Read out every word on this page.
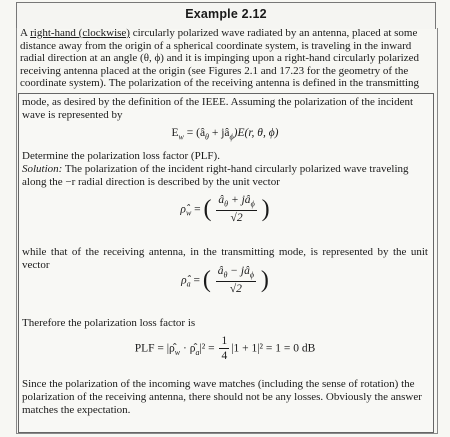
Example 2.12
A right-hand (clockwise) circularly polarized wave radiated by an antenna, placed at some
distance away from the origin of a spherical coordinate system, is traveling in the inward
radial direction at an angle (θ, ϕ) and it is impinging upon a right-hand circularly polarized
receiving antenna placed at the origin (see Figures 2.1 and 17.23 for the geometry of the
coordinate system). The polarization of the receiving antenna is defined in the transmitting
mode, as desired by the definition of the IEEE. Assuming the polarization of the incident
wave is represented by
$E_w$ = ($â_\theta$ + $jâ_\phi)E(r$, θ, ϕ)
Determine the polarization loss factor (PLF).
Solution: The polarization of the incident right-hand circularly polarized wave traveling
along the −r radial direction is described by the unit vector
$\rhô_w$ = ( $\frac{â_\theta + jâ_\phi}{√2}$ )
while that of the receiving antenna, in the transmitting mode, is represented by the unit vector
$\rhô_a$ = ( $\frac{â_\theta - jâ_\phi}{√2}$ )
Therefore the polarization loss factor is
PLF = $|\rhô_w$ · $\rhô_a|^2 = \frac{1}{4} |1 + 1|^2 = 1 = 0$ dB
Since the polarization of the incoming wave matches (including the sense of rotation) the
polarization of the receiving antenna, there should not be any losses. Obviously the answer
matches the expectation.
